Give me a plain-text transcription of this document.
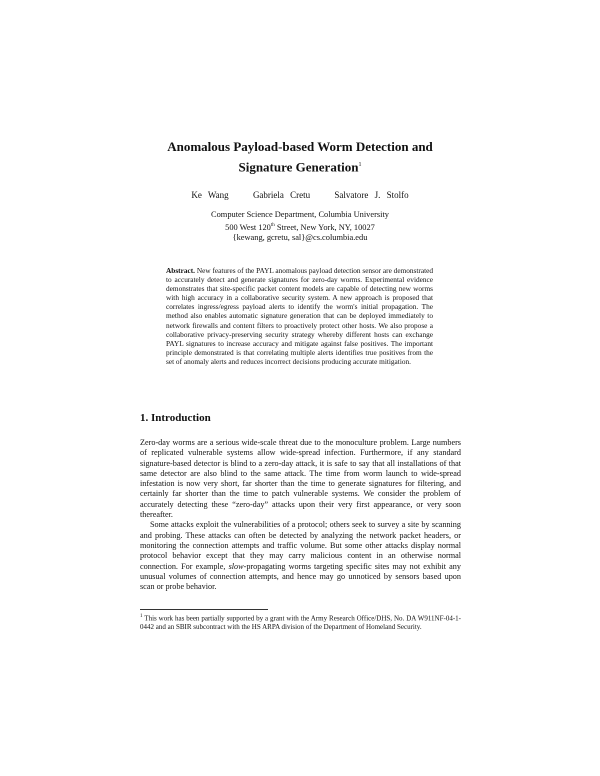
Anomalous Payload-based Worm Detection and
Signature Generation$^1$
Ke Wang	Gabriela Cretu	Salvatore J. Stolfo
Computer Science Department, Columbia University
500 West 120th Street, New York, NY, 10027
{kewang, gcretu, sal}@cs.columbia.edu
Abstract. New features of the PAYL anomalous payload detection sensor are demonstrated to accurately detect and generate signatures for zero-day worms. Experimental evidence demonstrates that site-specific packet content models are capable of detecting new worms with high accuracy in a collaborative security system. A new approach is proposed that correlates ingress/egress payload alerts to identify the worm's initial propagation. The method also enables automatic signature generation that can be deployed immediately to network firewalls and content filters to proactively protect other hosts. We also propose a collaborative privacy-preserving security strategy whereby different hosts can exchange PAYL signatures to increase accuracy and mitigate against false positives. The important principle demonstrated is that correlating multiple alerts identifies true positives from the set of anomaly alerts and reduces incorrect decisions producing accurate mitigation.
1. Introduction

Zero-day worms are a serious wide-scale threat due to the monoculture problem. Large numbers of replicated vulnerable systems allow wide-spread infection. Furthermore, if any standard signature-based detector is blind to a zero-day attack, it is safe to say that all installations of that same detector are also blind to the same attack. The time from worm launch to wide-spread infestation is now very short, far shorter than the time to generate signatures for filtering, and certainly far shorter than the time to patch vulnerable systems. We consider the problem of accurately detecting these “zero-day” attacks upon their very first appearance, or very soon thereafter.

Some attacks exploit the vulnerabilities of a protocol; others seek to survey a site by scanning and probing. These attacks can often be detected by analyzing the network packet headers, or monitoring the connection attempts and traffic volume. But some other attacks display normal protocol behavior except that they may carry malicious content in an otherwise normal connection. For example, slow-propagating worms targeting specific sites may not exhibit any unusual volumes of connection attempts, and hence may go unnoticed by sensors based upon scan or probe behavior.

$^1$ This work has been partially supported by a grant with the Army Research Office/DHS, No. DA W911NF-04-1-0442 and an SBIR subcontract with the HS ARPA division of the Department of Homeland Security.
